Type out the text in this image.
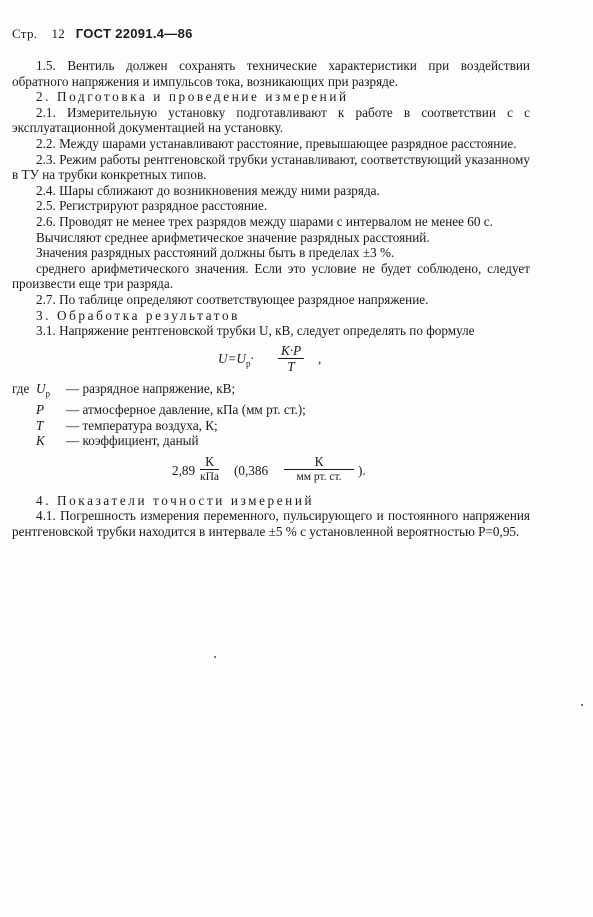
Стр. 12 ГОСТ 22091.4—86

1.5. Вентиль должен сохранять технические характеристики при воздействии обратного напряжения и импульсов тока, возникающих при разряде.

2. Подготовка и проведение измерений

2.1. Измерительную установку подготавливают к работе в соответствии с с эксплуатационной документацией на установку.

2.2. Между шарами устанавливают расстояние, превышающее разрядное расстояние.

2.3. Режим работы рентгеновской трубки устанавливают, соответствующий указанному в ТУ на трубки конкретных типов.

2.4. Шары сближают до возникновения между ними разряда.

2.5. Регистрируют разрядное расстояние.

2.6. Проводят не менее трех разрядов между шарами с интервалом не менее 60 с.

Вычисляют среднее арифметическое значение разрядных расстояний.

Значения разрядных расстояний должны быть в пределах ±3 %.

среднего арифметического значения. Если это условие не будет соблюдено, следует произвести еще три разряда.

2.7. По таблице определяют соответствующее разрядное напряжение.

3. Обработка результатов

3.1. Напряжение рентгеновской трубки U, кВ, следует определять по формуле

$U=U_р\cdot \frac{K\cdot P}{T}$ ,
где $U_р$	— разрядное напряжение, кВ;
P	— атмосферное давление, кПа (мм рт. ст.);
T	— температура воздуха, К;
K	— коэффициент, даный
2,89
К
кПа (0,386
К
мм рт. ст.	).

4. Показатели точности измерений

4.1. Погрешность измерения переменного, пульсирующего и постоянного напряжения рентгеновской трубки находится в интервале ±5 % с установленной вероятностью P=0,95.
